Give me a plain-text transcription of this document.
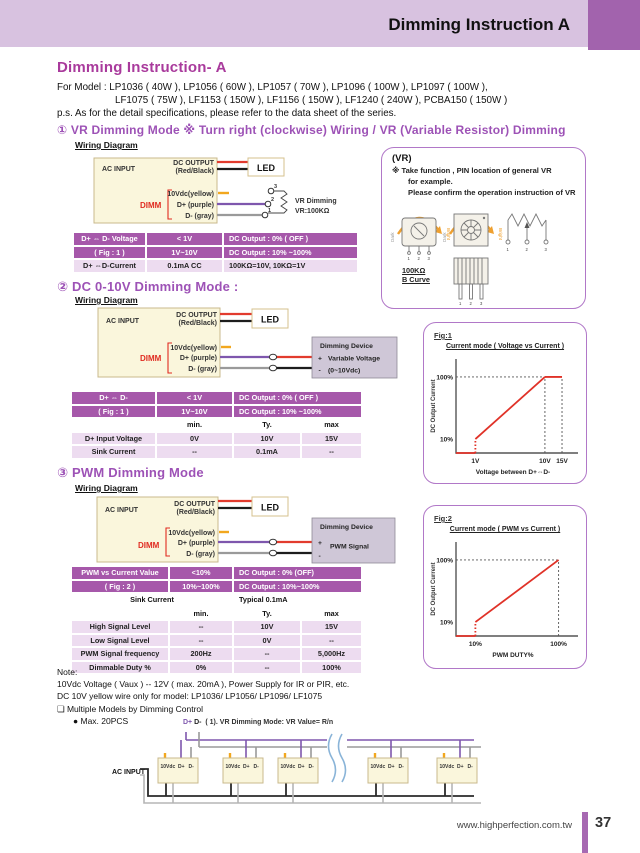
Dimming Instruction A
Dimming Instruction- A
For Model : LP1036 ( 40W ), LP1056 ( 60W ), LP1057 ( 70W ), LP1096 ( 100W ), LP1097 ( 100W ),
LF1075 ( 75W ), LF1153 ( 150W ), LF1156 ( 150W ), LF1240 ( 240W ), PCBA150 ( 150W )
p.s. As for the detail specifications, please refer to the data sheet of the series.
① VR Dimming Mode ※ Turn right (clockwise) Wiring / VR (Variable Resistor) Dimming
Wiring Diagram
AC INPUT
DC OUTPUT
(Red/Black)	LED
DIMM
10Vdc(yellow)
D+ (purple)
D- (gray)
3
2
1
VR Dimming
VR:100KΩ
D+ ⇔ D- Voltage	< 1V	DC Output : 0% ( OFF )
( Fig : 1 )	1V~10V	DC Output : 10% ~100%
D+ ⇔D-Current	0.1mA CC	100KΩ=10V, 10KΩ=1V
(VR)
※ Take function , PIN location of general VR
for example.
Please confirm the operation instruction of VR
1 2 3
Dark	Bright
Dark	Bright
1	2	3
1 2 3
100KΩ
B Curve
② DC 0-10V Dimming Mode :
Wiring Diagram
AC INPUT
DC OUTPUT
(Red/Black)	LED
DIMM
10Vdc(yellow)
D+ (purple)
D- (gray)
Dimming Device
+ Variable Voltage
- (0~10Vdc)
D+ ⇔ D-	< 1V	DC Output : 0% ( OFF )
( Fig : 1 )	1V~10V	DC Output : 10% ~100%
min.	Ty.	max
D+ Input Voltage	0V	10V	15V
Sink Current	--	0.1mA	--
Fig:1
Current mode ( Voltage vs Current )
1V	10V 15V
10%
100%
DC Output Current
Voltage between D+⇔D-
③ PWM Dimming Mode
Wiring Diagram
AC INPUT
DC OUTPUT
(Red/Black)	LED
DIMM
10Vdc(yellow)
D+ (purple)
D- (gray)
Dimming Device
+ PWM Signal
-
PWM vs Current Value	<10%	DC Output : 0% (OFF)
( Fig : 2 )	10%~100%	DC Output : 10%~100%
Sink Current	Typical 0.1mA
min.	Ty.	max
High Signal Level	--	10V	15V
Low Signal Level	--	0V	--
PWM Signal frequency	200Hz	--	5,000Hz
Dimmable Duty %	0%	--	100%
Fig:2
Current mode ( PWM vs Current )
10%	100%
10%
100%
DC Output Current
PWM DUTY%
Note:
10Vdc Voltage ( Vaux ) -- 12V ( max. 20mA ), Power Supply for IR or PIR, etc.
DC 10V yellow wire only for model: LP1036/ LP1056/ LP1096/ LF1075
❏ Multiple Models by Dimming Control
● Max. 20PCS	D+ D- ( 1). VR Dimming Mode: VR Value= R/n
AC INPUT
10Vdc D+ D-	10Vdc D+ D-	10Vdc D+ D-	10Vdc D+ D-	10Vdc D+ D-
www.highperfection.com.tw 37
